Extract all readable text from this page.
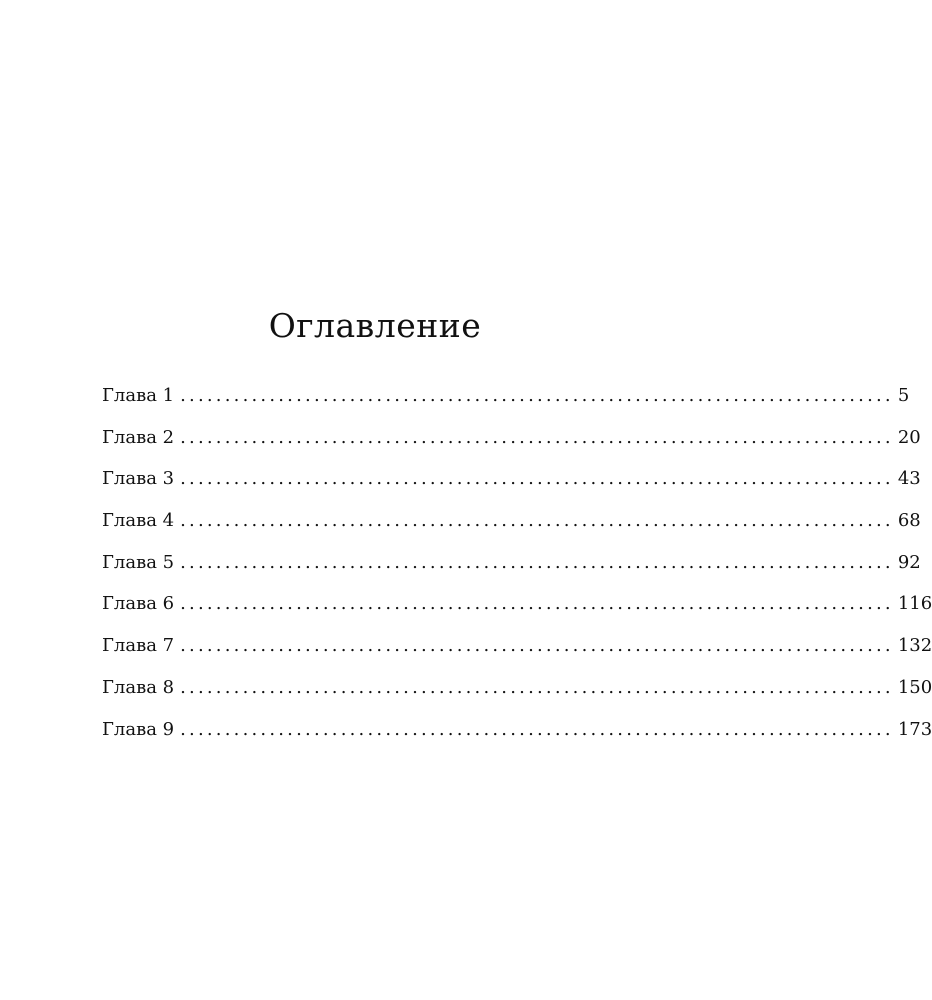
Оглавление
Глава 1 ................................................................................ 5
Глава 2 ................................................................................ 20
Глава 3 ................................................................................ 43
Глава 4 ................................................................................ 68
Глава 5 ................................................................................ 92
Глава 6 ................................................................................ 116
Глава 7 ................................................................................ 132
Глава 8 ................................................................................ 150
Глава 9 ................................................................................ 173
